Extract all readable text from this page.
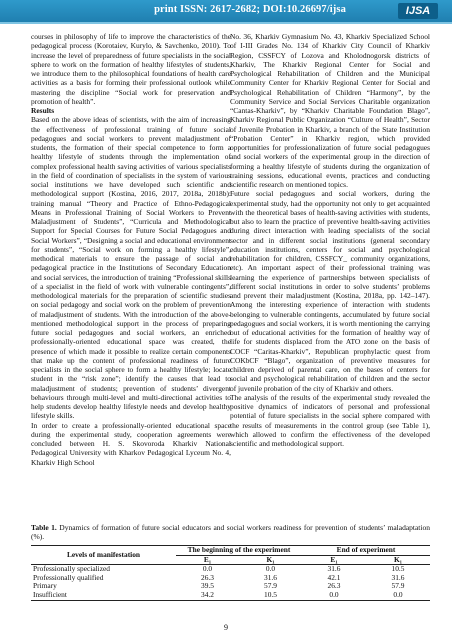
print ISSN: 2617-2682; DOI:10.26697/ijsa	IJSA

courses in philosophy of life to improve the characteristics of the pedagogical process (Korotaiev, Kurylo, & Savchenko, 2010). To increase the level of preparedness of future specialists in the social sphere to work on the formation of healthy lifestyles of students, we introduce them to the philosophical foundations of health care activities as a basis for forming their professional outlook while mastering the discipline “Social work for preservation and promotion of health”.

Results

Based on the above ideas of scientists, with the aim of increasing the effectiveness of professional training of future social pedagogues and social workers to prevent maladjustment of students, the formation of their special competence to form a healthy lifestyle of students through the implementation of complex professional health saving activities of various specialists in the field of coordination of specialists in the system of various social institutions we have developed such scientific and methodological support (Kostina, 2016, 2017, 2018a, 2018b): training manual “Theory and Practice of Ethno-Pedagogical Means in Professional Training of Social Workers to Prevent Maladjustment of Students”, “Curricula and Methodological Support for Special Courses for Future Social Pedagogues and Social Workers”, “Designing a social and educational environment for students”, “Social work on forming a healthy lifestyle”, methodical materials to ensure the passage of social and pedagogical practice in the Institutions of Secondary Education and social services, the introduction of training “Professional skills of a specialist in the field of work with vulnerable contingents”, methodological materials for the preparation of scientific studies on social pedagogy and social work on the problem of prevention of maladjustment of students. With the introduction of the above-mentioned methodological support in the process of preparing future social pedagogues and social workers, an enriched professionally-oriented educational space was created, the presence of which made it possible to realize certain components that make up the content of professional readiness of future specialists in the social sphere to form a healthy lifestyle; locate student in the “risk zone”; identify the causes that lead to maladjustment of students; prevention of students’ divergent behaviours through multi-level and multi-directional activities to help students develop healthy lifestyle needs and develop healthy lifestyle skills.

In order to create a professionally-oriented educational space during the experimental study, cooperation agreements were concluded between H. S. Skovoroda Kharkiv National Pedagogical University with Kharkov Pedagogical Lyceum No. 4, Kharkiv High School

No. 36, Kharkiv Gymnasium No. 43, Kharkiv Specialized School of I-III Grades No. 134 of Kharkiv City Council of Kharkiv Region, CSSFCY of Lozova and Kholodnogorsk districts of Kharkiv, The Kharkiv Regional Center for Social and Psychological Rehabilitation of Children and the Municipal Community Center for Kharkiv Regional Center for Social and Psychological Rehabilitation of Children “Harmony”, by the Community Service and Social Services Charitable organization “Cantas-Kharkiv”, by “Kharkiv Charitable Foundation Blago”, Kharkiv Regional Public Organization “Culture of Health”, Sector of Juvenile Probation in Kharkiv, a branch of the State Institution “Probation Center” in Kharkiv region, which provided opportunities for professionalization of future social pedagogues and social workers of the experimental group in the direction of forming a healthy lifestyle of students during the organization of training sessions, educational events, practices and conducting scientific research on mentioned topics.

Future social pedagogues and social workers, during the experimental study, had the opportunity not only to get acquainted with the theoretical bases of health-saving activities with students, but also to learn the practice of preventive health-saving activities during direct interaction with leading specialists of the social sector and in different social institutions (general secondary education institutions, centers for social and psychological rehabilitation for children, CSSFCY_ community organizations, etc). An important aspect of their professional training was learning the experience of partnerships between specialists of different social institutions in order to solve students’ problems and prevent their maladjustment (Kostina, 2018a, pp. 142–147). Among the interesting experience of interaction with students belonging to vulnerable contingents, accumulated by future social pedagogues and social workers, it is worth mentioning the carrying out of educational activities for the formation of healthy way of life for students displaced from the ATO zone on the basis of COCF “Caritas-Kharkiv”, Republican prophylactic quest from COKbCF “Blago”, organization of preventive measures for children deprived of parental care, on the bases of centers for social and psychological rehabilitation of children and the sector of juvenile probation of the city of Kharkiv and others.

The analysis of the results of the experimental study revealed the positive dynamics of indicators of personal and professional potential of future specialists in the social sphere compared with the results of measurements in the control group (see Table 1), which allowed to confirm the effectiveness of the developed scientific and methodological support.

Table 1. Dynamics of formation of future social educators and social workers readiness for prevention of students’ maladaptation (%).
Levels of manifestation	The beginning of the experiment		End of experiment	
	E₁	K₁	E₁	K₁
Professionally specialized	0.0	0.0	31.6	10.5
Professionally qualified	26.3	31.6	42.1	31.6
Primary	39.5	57.9	26.3	57.9
Insufficient	34.2	10.5	0.0	0.0
9
